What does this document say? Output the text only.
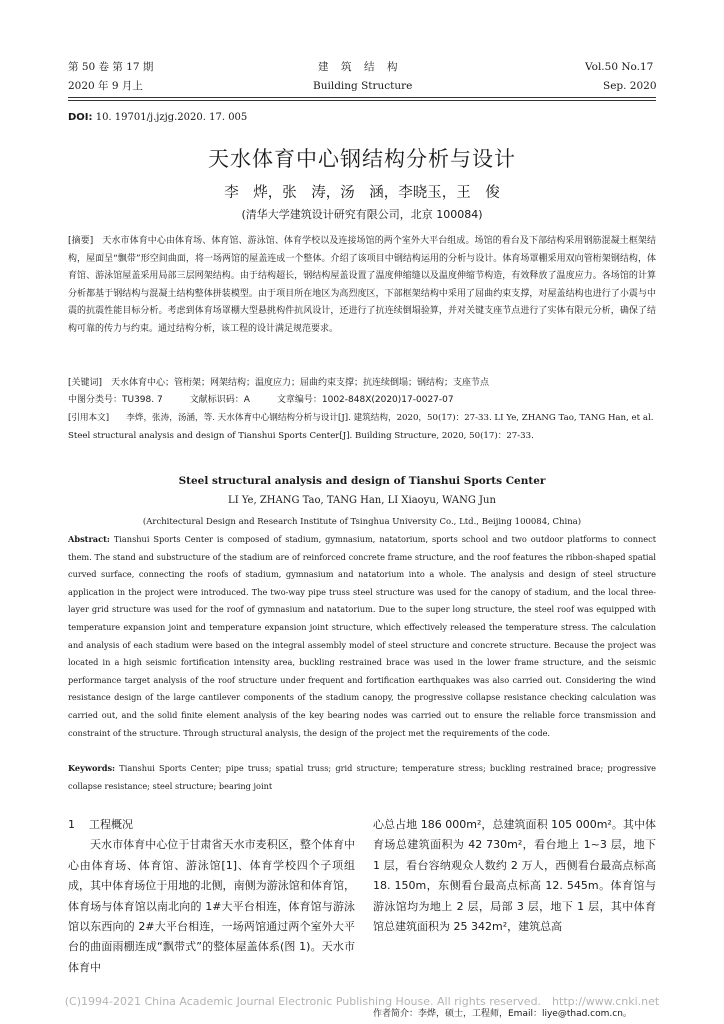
第 50 卷 第 17 期
2020 年 9 月上
建　筑　结　构
Building Structure
Vol.50 No.17
Sep. 2020
DOI: 10. 19701/j.jzjg.2020. 17. 005
天水体育中心钢结构分析与设计
李　烨，张　涛，汤　涵，李晓玉，王　俊
(清华大学建筑设计研究有限公司，北京 100084)
[摘要]　天水市体育中心由体育场、体育馆、游泳馆、体育学校以及连接场馆的两个室外大平台组成。场馆的看台及下部结构采用钢筋混凝土框架结构，屋面呈“飘带”形空间曲面，将一场两馆的屋盖连成一个整体。介绍了该项目中钢结构运用的分析与设计。体育场罩棚采用双向管桁架钢结构，体育馆、游泳馆屋盖采用局部三层网架结构。由于结构超长，钢结构屋盖设置了温度伸缩缝以及温度伸缩节构造，有效释放了温度应力。各场馆的计算分析都基于钢结构与混凝土结构整体拼装模型。由于项目所在地区为高烈度区，下部框架结构中采用了屈曲约束支撑，对屋盖结构也进行了小震与中震的抗震性能目标分析。考虑到体育场罩棚大型悬挑构件抗风设计，还进行了抗连续倒塌验算，并对关键支座节点进行了实体有限元分析，确保了结构可靠的传力与约束。通过结构分析，该工程的设计满足规范要求。
[关键词]　天水体育中心；管桁架；网架结构；温度应力；屈曲约束支撑；抗连续倒塌；钢结构；支座节点
中图分类号：TU398. 7　　　文献标识码：A　　　文章编号：1002-848X(2020)17-0027-07
[引用本文]　　李烨，张涛，汤涵，等. 天水体育中心钢结构分析与设计[J]. 建筑结构，2020，50(17)：27-33. LI Ye, ZHANG Tao, TANG Han, et al. Steel structural analysis and design of Tianshui Sports Center[J]. Building Structure, 2020, 50(17)：27-33.
Steel structural analysis and design of Tianshui Sports Center
LI Ye, ZHANG Tao, TANG Han, LI Xiaoyu, WANG Jun
(Architectural Design and Research Institute of Tsinghua University Co., Ltd., Beijing 100084, China)
Abstract: Tianshui Sports Center is composed of stadium, gymnasium, natatorium, sports school and two outdoor platforms to connect them. The stand and substructure of the stadium are of reinforced concrete frame structure, and the roof features the ribbon-shaped spatial curved surface, connecting the roofs of stadium, gymnasium and natatorium into a whole. The analysis and design of steel structure application in the project were introduced. The two-way pipe truss steel structure was used for the canopy of stadium, and the local three-layer grid structure was used for the roof of gymnasium and natatorium. Due to the super long structure, the steel roof was equipped with temperature expansion joint and temperature expansion joint structure, which effectively released the temperature stress. The calculation and analysis of each stadium were based on the integral assembly model of steel structure and concrete structure. Because the project was located in a high seismic fortification intensity area, buckling restrained brace was used in the lower frame structure, and the seismic performance target analysis of the roof structure under frequent and fortification earthquakes was also carried out. Considering the wind resistance design of the large cantilever components of the stadium canopy, the progressive collapse resistance checking calculation was carried out, and the solid finite element analysis of the key bearing nodes was carried out to ensure the reliable force transmission and constraint of the structure. Through structural analysis, the design of the project met the requirements of the code.
Keywords: Tianshui Sports Center; pipe truss; spatial truss; grid structure; temperature stress; buckling restrained brace; progressive collapse resistance; steel structure; bearing joint
1 工程概况

天水市体育中心位于甘肃省天水市麦积区，整个体育中心由体育场、体育馆、游泳馆[1]、体育学校四个子项组成，其中体育场位于用地的北侧，南侧为游泳馆和体育馆，体育场与体育馆以南北向的 1#大平台相连，体育馆与游泳馆以东西向的 2#大平台相连，一场两馆通过两个室外大平台的曲面雨棚连成“飘带式”的整体屋盖体系(图 1)。天水市体育中

心总占地 186 000m²，总建筑面积 105 000m²。其中体育场总建筑面积为 42 730m²，看台地上 1~3 层，地下 1 层，看台容纳观众人数约 2 万人，西侧看台最高点标高 18. 150m，东侧看台最高点标高 12. 545m。体育馆与游泳馆均为地上 2 层，局部 3 层，地下 1 层，其中体育馆总建筑面积为 25 342m²，建筑总高

(C)1994-2021 China Academic Journal Electronic Publishing House. All rights reserved.　http://www.cnki.net
作者简介：李烨，硕士，工程师，Email：liye@thad.com.cn。
